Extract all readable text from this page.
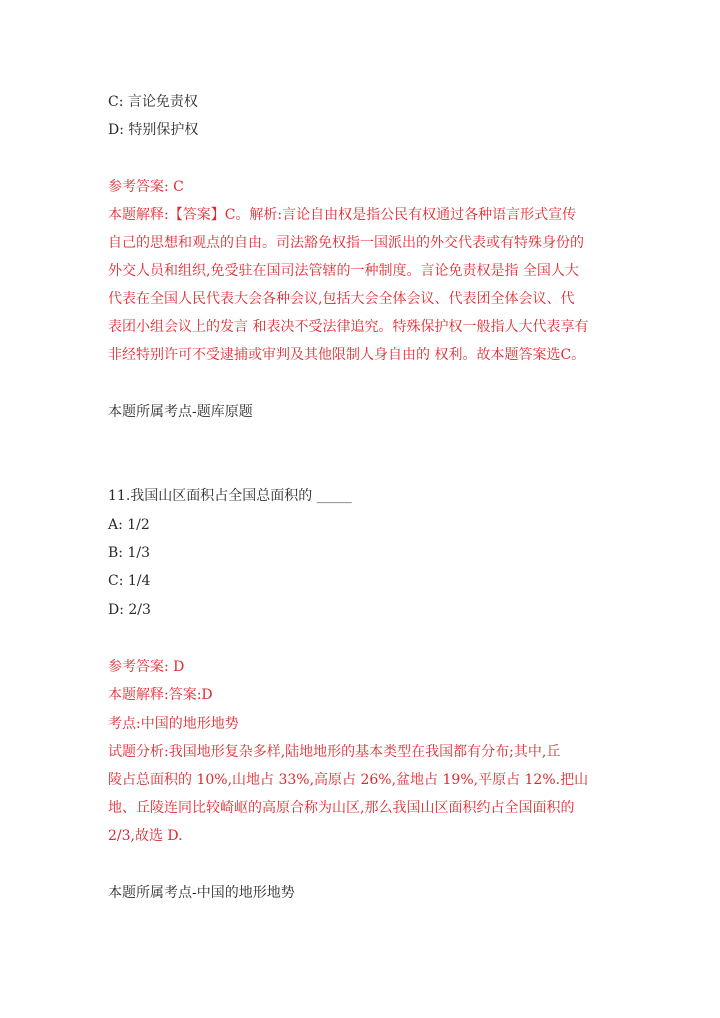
C: 言论免责权
D: 特别保护权
参考答案: C
本题解释:【答案】C。解析:言论自由权是指公民有权通过各种语言形式宣传
自己的思想和观点的自由。司法豁免权指一国派出的外交代表或有特殊身份的
外交人员和组织,免受驻在国司法管辖的一种制度。言论免责权是指 全国人大
代表在全国人民代表大会各种会议,包括大会全体会议、代表团全体会议、代
表团小组会议上的发言 和表决不受法律追究。特殊保护权一般指人大代表享有
非经特别许可不受逮捕或审判及其他限制人身自由的 权利。故本题答案选C。
本题所属考点-题库原题
11.我国山区面积占全国总面积的 _____
A: 1/2
B: 1/3
C: 1/4
D: 2/3
参考答案: D
本题解释:答案:D
考点:中国的地形地势
试题分析:我国地形复杂多样,陆地地形的基本类型在我国都有分布;其中,丘
陵占总面积的 10%,山地占 33%,高原占 26%,盆地占 19%,平原占 12%.把山
地、丘陵连同比较崎岖的高原合称为山区,那么我国山区面积约占全国面积的
2/3,故选 D.
本题所属考点-中国的地形地势
